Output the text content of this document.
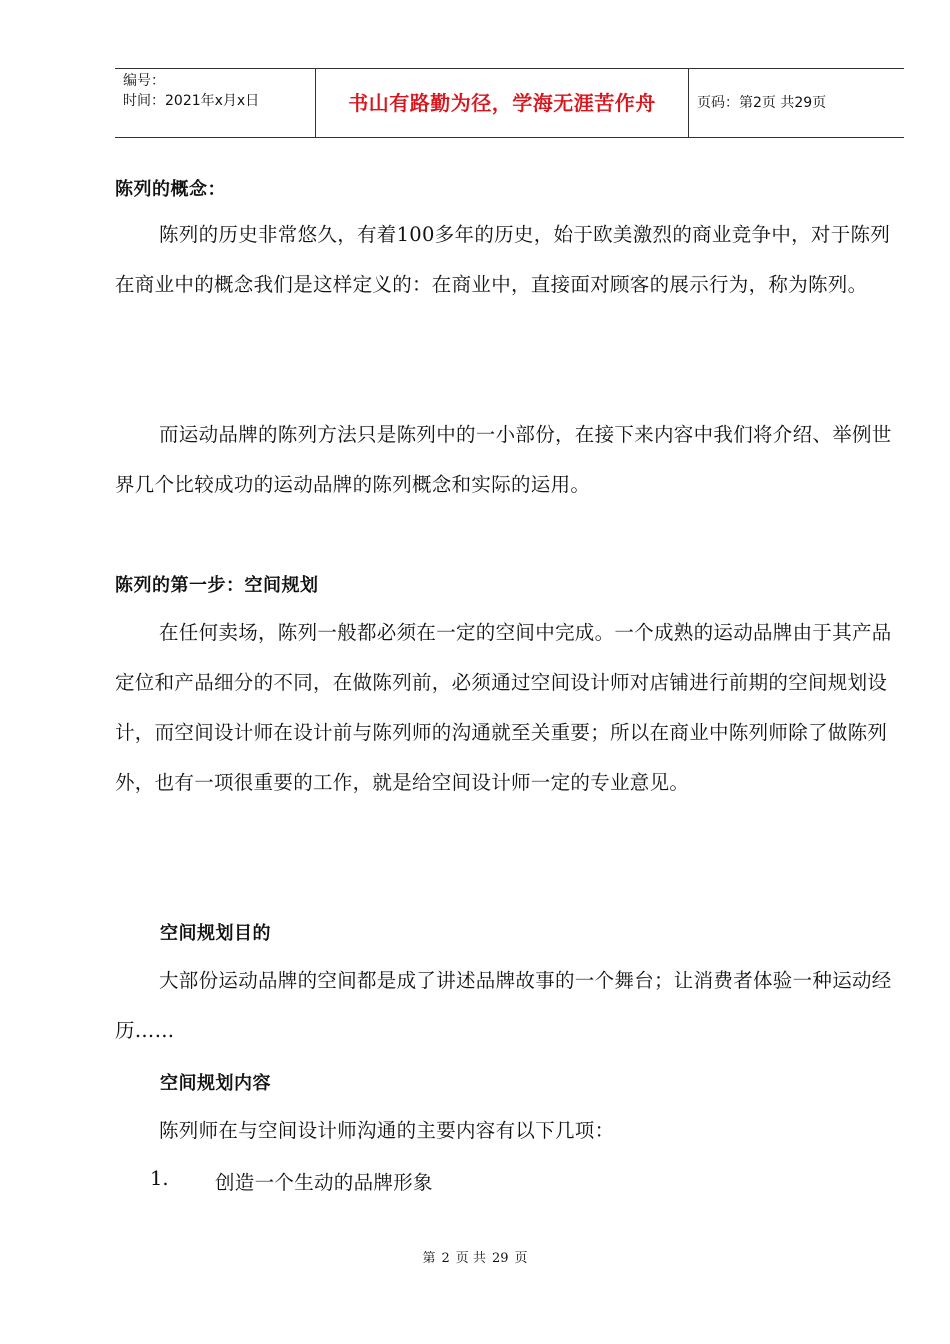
编号：
时间：2021年x月x日	书山有路勤为径，学海无涯苦作舟	页码：第2页 共29页
陈列的概念：
陈列的历史非常悠久，有着100多年的历史，始于欧美激烈的商业竞争中，对于陈列在商业中的概念我们是这样定义的：在商业中，直接面对顾客的展示行为，称为陈列。
而运动品牌的陈列方法只是陈列中的一小部份，在接下来内容中我们将介绍、举例世界几个比较成功的运动品牌的陈列概念和实际的运用。
陈列的第一步：空间规划
在任何卖场，陈列一般都必须在一定的空间中完成。一个成熟的运动品牌由于其产品定位和产品细分的不同，在做陈列前，必须通过空间设计师对店铺进行前期的空间规划设计，而空间设计师在设计前与陈列师的沟通就至关重要；所以在商业中陈列师除了做陈列外，也有一项很重要的工作，就是给空间设计师一定的专业意见。
空间规划目的
大部份运动品牌的空间都是成了讲述品牌故事的一个舞台；让消费者体验一种运动经历……
空间规划内容
陈列师在与空间设计师沟通的主要内容有以下几项：
1. 创造一个生动的品牌形象
第 2 页 共 29 页
